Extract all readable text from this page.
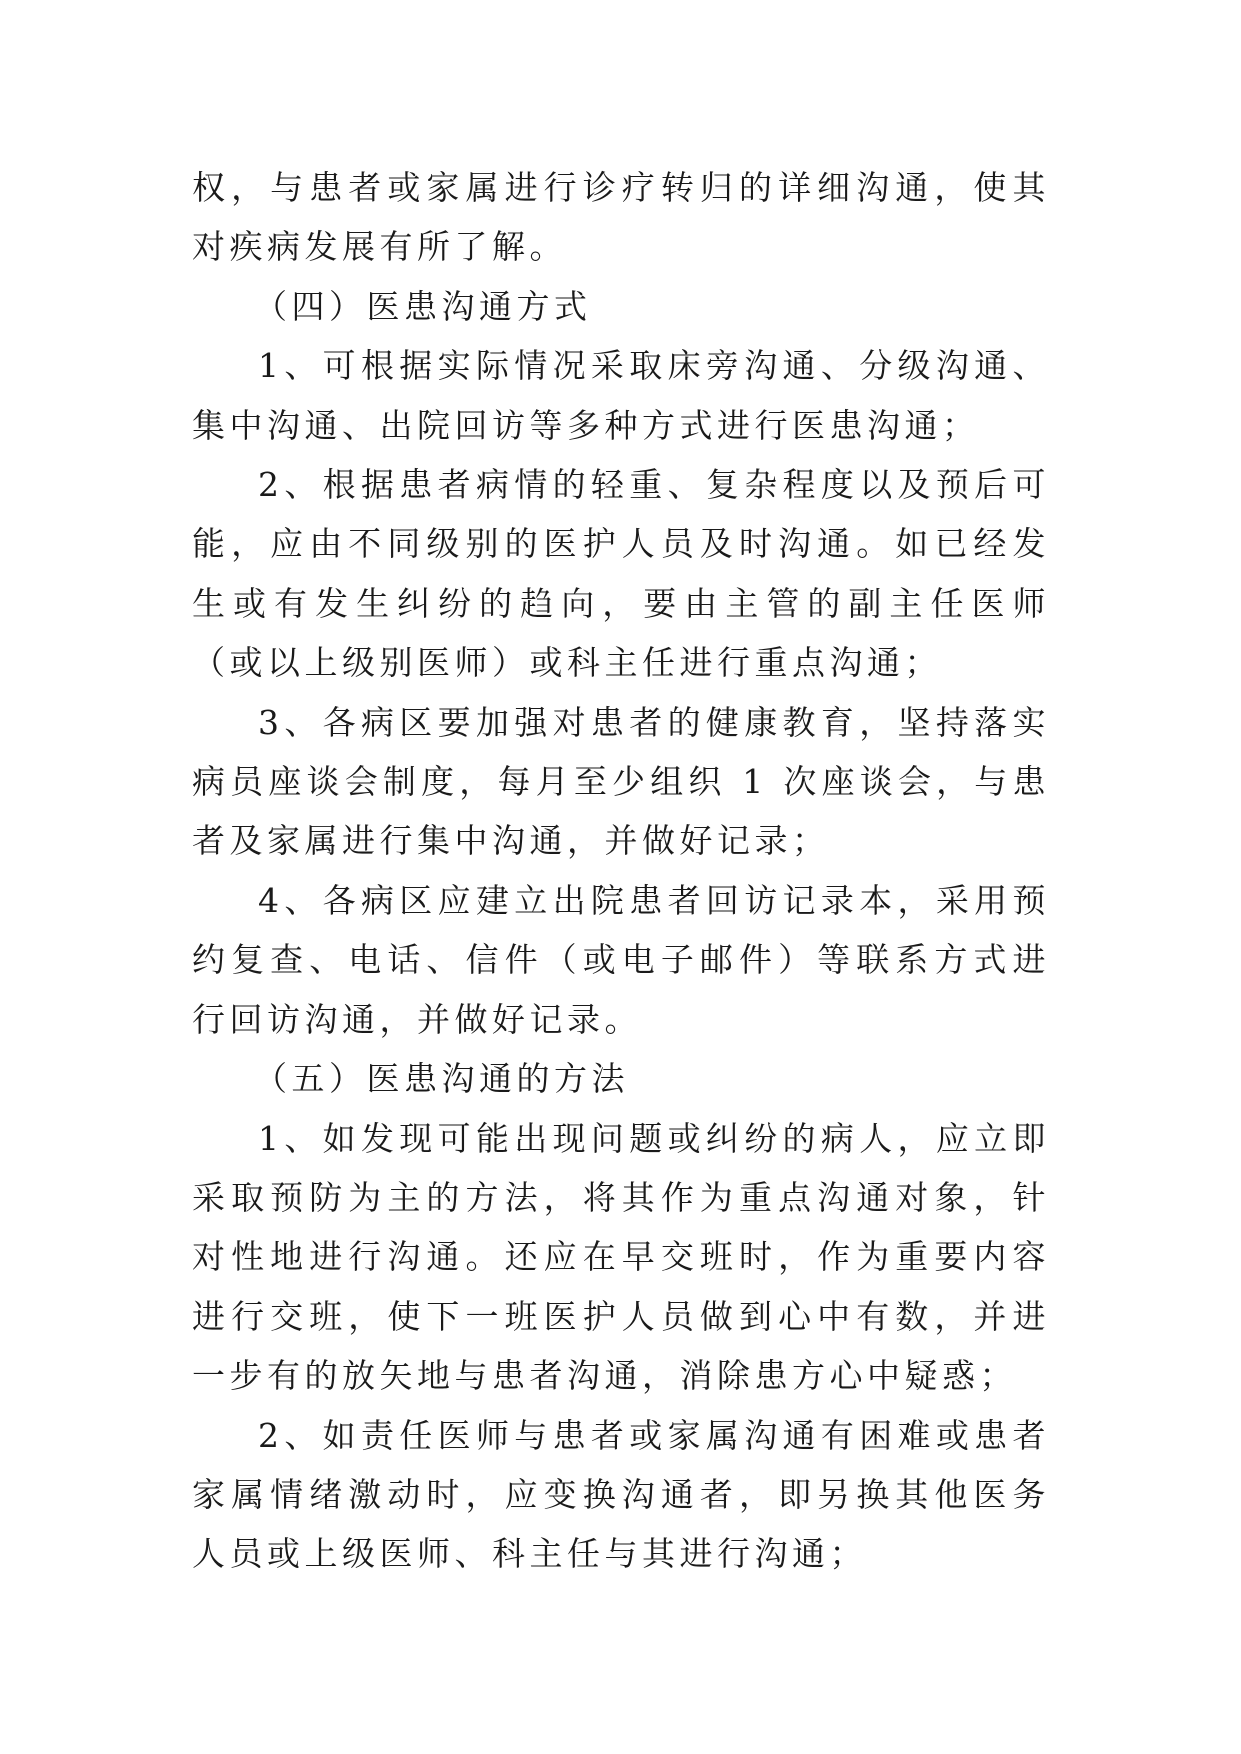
权，与患者或家属进行诊疗转归的详细沟通，使其对疾病发展有所了解。

（四）医患沟通方式

1、可根据实际情况采取床旁沟通、分级沟通、集中沟通、出院回访等多种方式进行医患沟通；

2、根据患者病情的轻重、复杂程度以及预后可能，应由不同级别的医护人员及时沟通。如已经发生或有发生纠纷的趋向，要由主管的副主任医师（或以上级别医师）或科主任进行重点沟通；

3、各病区要加强对患者的健康教育，坚持落实病员座谈会制度，每月至少组织 1 次座谈会，与患者及家属进行集中沟通，并做好记录；

4、各病区应建立出院患者回访记录本，采用预约复查、电话、信件（或电子邮件）等联系方式进行回访沟通，并做好记录。

（五）医患沟通的方法

1、如发现可能出现问题或纠纷的病人，应立即采取预防为主的方法，将其作为重点沟通对象，针对性地进行沟通。还应在早交班时，作为重要内容进行交班，使下一班医护人员做到心中有数，并进一步有的放矢地与患者沟通，消除患方心中疑惑；

2、如责任医师与患者或家属沟通有困难或患者家属情绪激动时，应变换沟通者，即另换其他医务人员或上级医师、科主任与其进行沟通；
